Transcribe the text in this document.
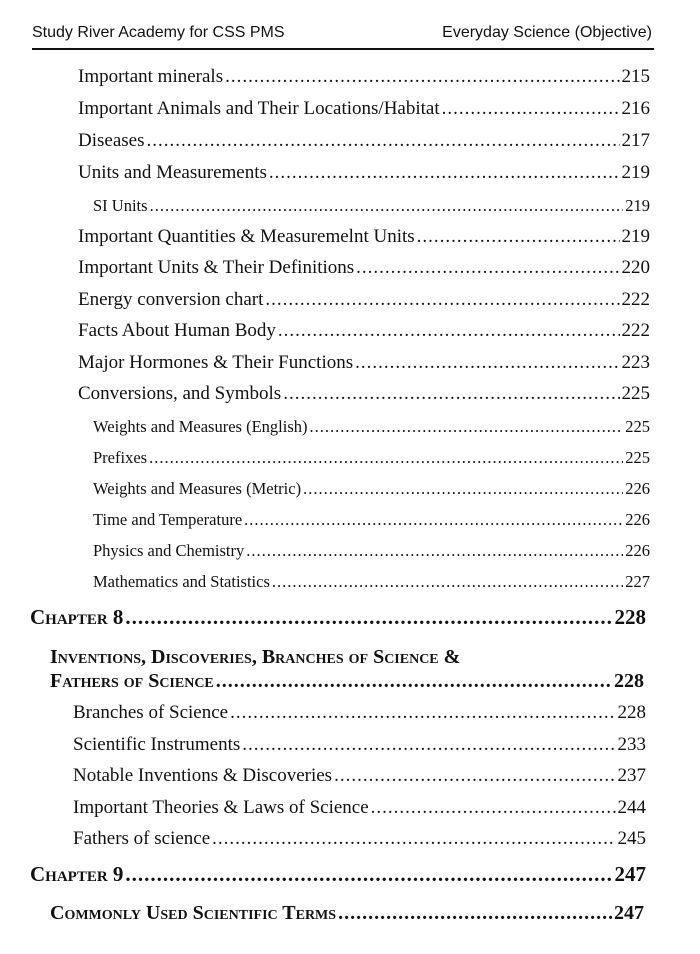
Study River Academy for CSS PMS	Everyday Science (Objective)
Important minerals .....	215
Important Animals and Their Locations/Habitat .....	216
Diseases .....	217
Units and Measurements .....	219
SI Units .....	219
Important Quantities & Measuremelnt Units .....	219
Important Units & Their Definitions .....	220
Energy conversion chart .....	222
Facts About Human Body .....	222
Major Hormones & Their Functions .....	223
Conversions, and Symbols .....	225
Weights and Measures (English) .....	225
Prefixes .....	225
Weights and Measures (Metric) .....	226
Time and Temperature .....	226
Physics and Chemistry .....	226
Mathematics and Statistics .....	227
Chapter 8 .....	228
Inventions, Discoveries, Branches of Science &
Fathers of Science .....	228
Branches of Science .....	228
Scientific Instruments .....	233
Notable Inventions & Discoveries .....	237
Important Theories & Laws of Science .....	244
Fathers of science .....	245
Chapter 9 .....	247
Commonly Used Scientific Terms .....	247
